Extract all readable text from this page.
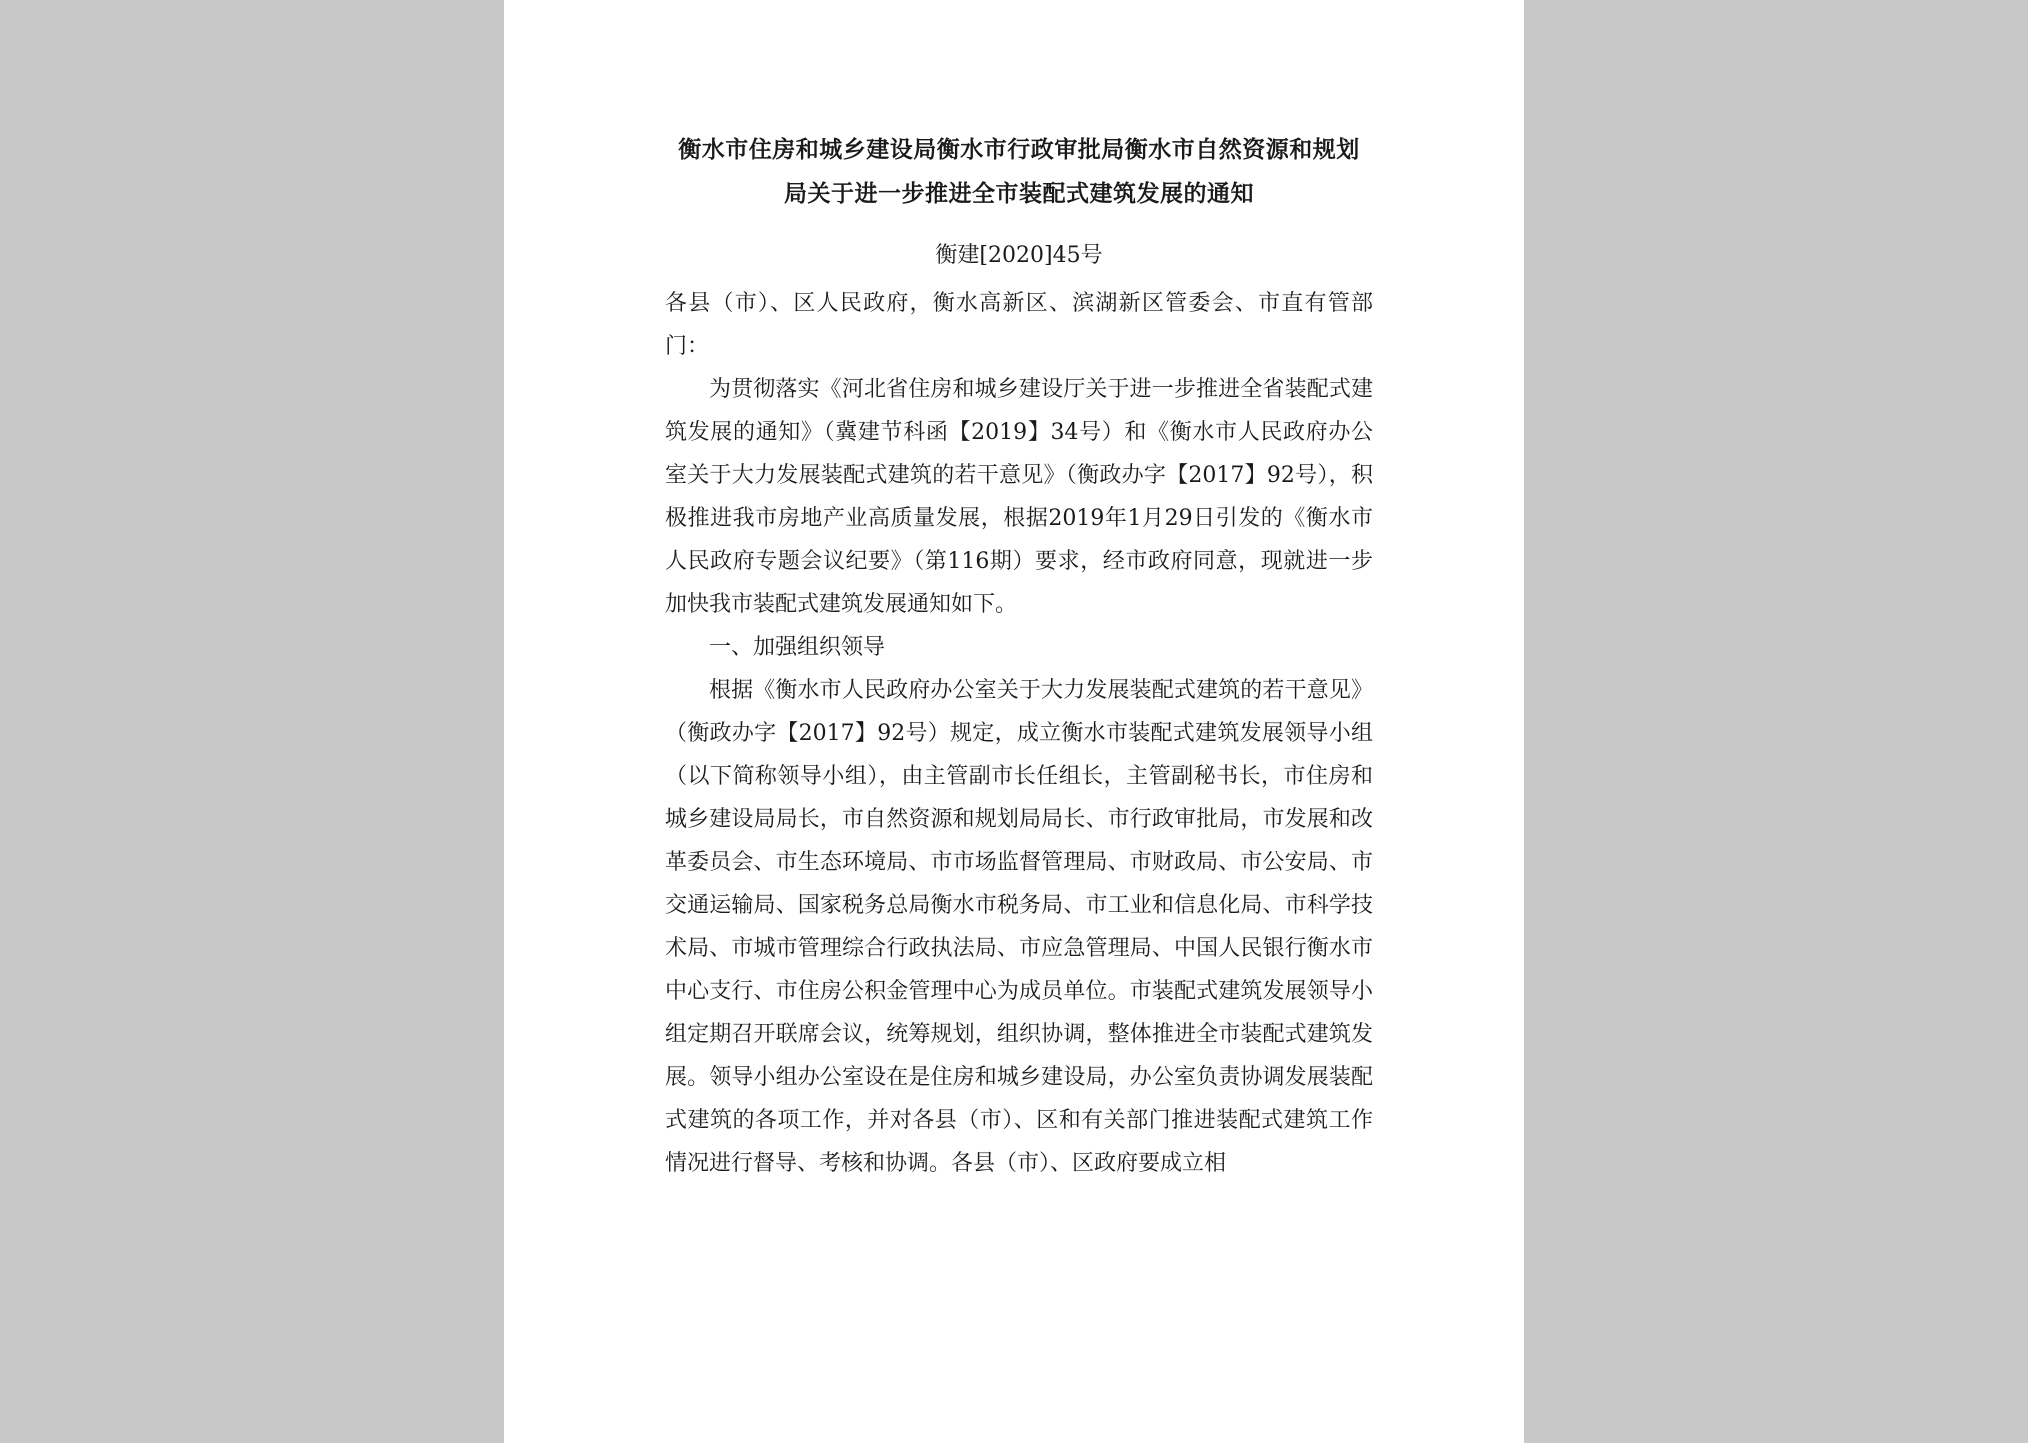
衡水市住房和城乡建设局衡水市行政审批局衡水市自然资源和规划
局关于进一步推进全市装配式建筑发展的通知
衡建[2020]45号

各县（市）、区人民政府，衡水高新区、滨湖新区管委会、市直有管部门：

为贯彻落实《河北省住房和城乡建设厅关于进一步推进全省装配式建筑发展的通知》（冀建节科函【2019】34号）和《衡水市人民政府办公室关于大力发展装配式建筑的若干意见》（衡政办字【2017】92号），积极推进我市房地产业高质量发展，根据2019年1月29日引发的《衡水市人民政府专题会议纪要》（第116期）要求，经市政府同意，现就进一步加快我市装配式建筑发展通知如下。

一、加强组织领导

根据《衡水市人民政府办公室关于大力发展装配式建筑的若干意见》（衡政办字【2017】92号）规定，成立衡水市装配式建筑发展领导小组（以下简称领导小组），由主管副市长任组长，主管副秘书长，市住房和城乡建设局局长，市自然资源和规划局局长、市行政审批局，市发展和改革委员会、市生态环境局、市市场监督管理局、市财政局、市公安局、市交通运输局、国家税务总局衡水市税务局、市工业和信息化局、市科学技术局、市城市管理综合行政执法局、市应急管理局、中国人民银行衡水市中心支行、市住房公积金管理中心为成员单位。市装配式建筑发展领导小组定期召开联席会议，统筹规划，组织协调，整体推进全市装配式建筑发展。领导小组办公室设在是住房和城乡建设局，办公室负责协调发展装配式建筑的各项工作，并对各县（市）、区和有关部门推进装配式建筑工作情况进行督导、考核和协调。各县（市）、区政府要成立相
